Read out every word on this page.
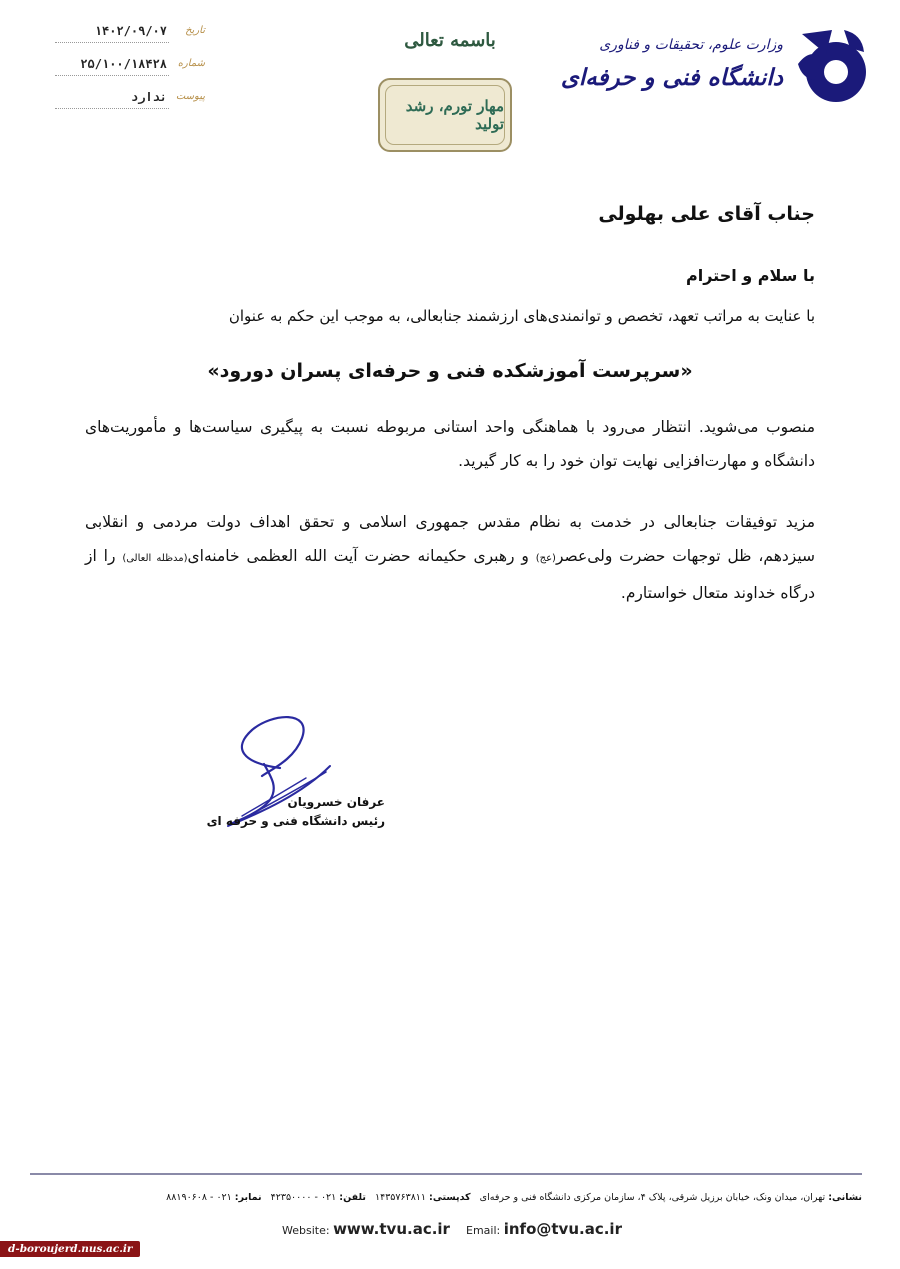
تاریخ
۱۴۰۲/۰۹/۰۷
شماره
۲۵/۱۰۰/۱۸۴۲۸
پیوست
ندارد
باسمه تعالی
مهار تورم، رشد تولید
وزارت علوم، تحقیقات و فناوری
دانشگاه فنی و حرفه‌ای
جناب آقای علی بهلولی
با سلام و احترام
با عنایت به مراتب تعهد، تخصص و توانمندی‌های ارزشمند جنابعالی، به موجب این حکم به عنوان
«سرپرست آموزشکده فنی و حرفه‌ای پسران دورود»
منصوب می‌شوید. انتظار می‌رود با هماهنگی واحد استانی مربوطه نسبت به پیگیری سیاست‌ها و مأموریت‌های دانشگاه و مهارت‌افزایی نهایت توان خود را به کار گیرید.
مزید توفیقات جنابعالی در خدمت به نظام مقدس جمهوری اسلامی و تحقق اهداف دولت مردمی و انقلابی سیزدهم، ظل توجهات حضرت ولی‌عصر(عج) و رهبری حکیمانه حضرت آیت الله العظمی خامنه‌ای(مدظله العالی) را از درگاه خداوند متعال خواستارم.
عرفان خسرویان
رئیس دانشگاه فنی و حرفه ای
نشانی: تهران، میدان ونک، خیابان برزیل شرقی، پلاک ۴، سازمان مرکزی دانشگاه فنی و حرفه‌ای   کدپستی: ۱۴۳۵۷۶۳۸۱۱   تلفن: ۰۲۱ - ۴۲۳۵۰۰۰۰   نمابر: ۰۲۱ - ۸۸۱۹۰۶۰۸
Website: www.tvu.ac.ir Email: info@tvu.ac.ir
d-boroujerd.nus.ac.ir
